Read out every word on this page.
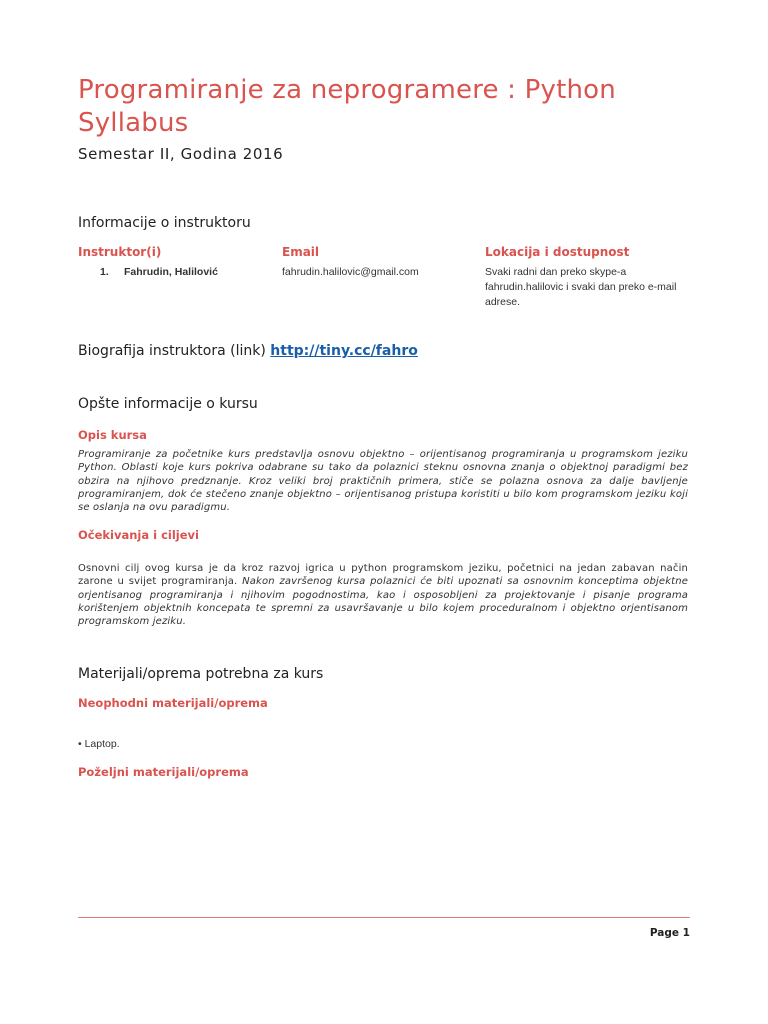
Programiranje za neprogramere : Python Syllabus
Semestar II, Godina 2016
Informacije o instruktoru
Instruktor(i)	Email	Lokacija i dostupnost
1. Fahrudin, Halilović	fahrudin.halilovic@gmail.com	Svaki radni dan preko skype-a fahrudin.halilovic i svaki dan preko e-mail adrese.
Biografija instruktora (link) http://tiny.cc/fahro
Opšte informacije o kursu
Opis kursa
Programiranje za početnike kurs predstavlja osnovu objektno – orijentisanog programiranja u programskom jeziku Python. Oblasti koje kurs pokriva odabrane su tako da polaznici steknu osnovna znanja o objektnoj paradigmi bez obzira na njihovo predznanje. Kroz veliki broj praktičnih primera, stiče se polazna osnova za dalje bavljenje programiranjem, dok će stečeno znanje objektno – orijentisanog pristupa koristiti u bilo kom programskom jeziku koji se oslanja na ovu paradigmu.
Očekivanja i ciljevi
Osnovni cilj ovog kursa je da kroz razvoj igrica u python programskom jeziku, početnici na jedan zabavan način zarone u svijet programiranja. Nakon završenog kursa polaznici će biti upoznati sa osnovnim konceptima objektne orjentisanog programiranja i njihovim pogodnostima, kao i osposobljeni za projektovanje i pisanje programa korištenjem objektnih koncepata te spremni za usavršavanje u bilo kojem proceduralnom i objektno orjentisanom programskom jeziku.
Materijali/oprema potrebna za kurs
Neophodni materijali/oprema
• Laptop.
Poželjni materijali/oprema
Page 1
